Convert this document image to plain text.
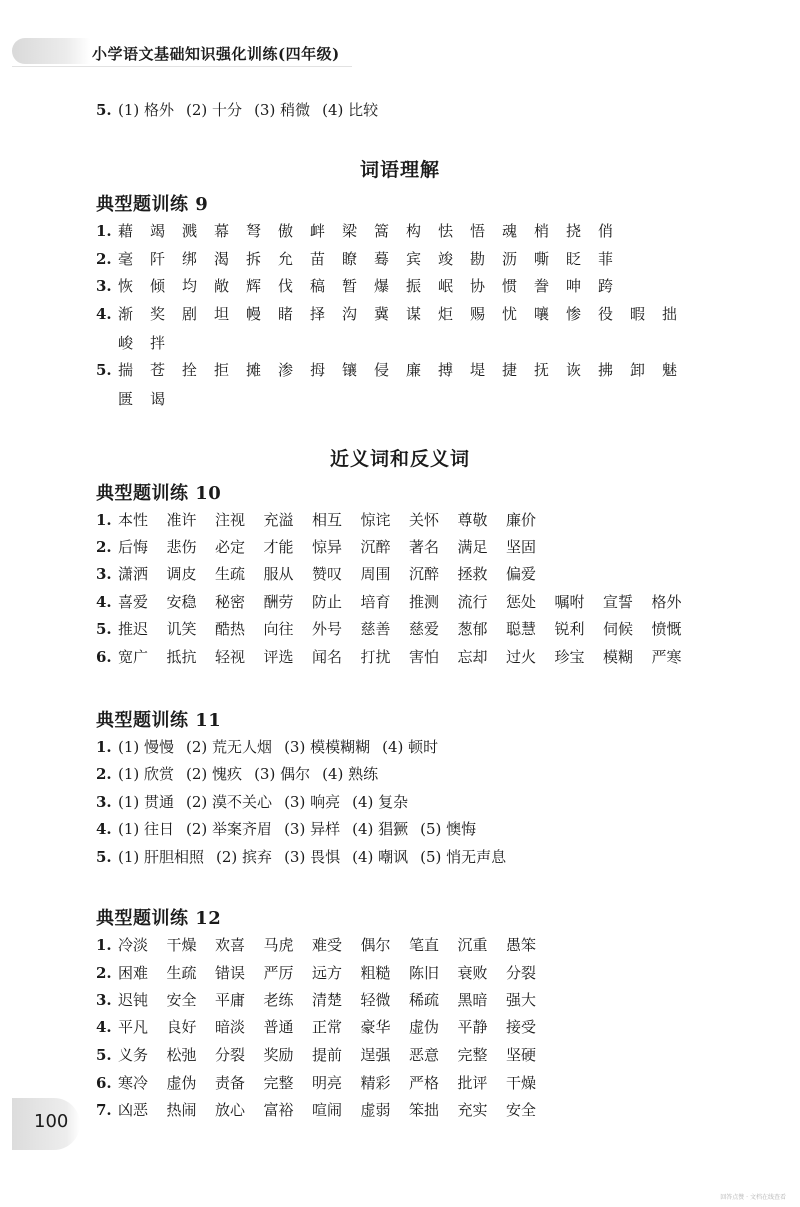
小学语文基础知识强化训练(四年级)
5. (1) 格外 (2) 十分 (3) 稍微 (4) 比较
词语理解
典型题训练 9
1. 藉 竭 溅 幕 弩 傲 衅 梁 篙 构 怯 悟 魂 梢 挠 俏
2. 毫 阡 绑 渴 拆 允 苗 瞭 蓦 宾 竣 勘 沥 嘶 眨 菲
3. 恢 倾 均 敞 辉 伐 稿 暂 爆 振 岷 协 惯 誊 呻 跨
4. 渐 奖 剧 坦 幔 睹 择 沟 冀 谋 炬 赐 忧 嚷 惨 役 暇 拙
峻 拌
5. 揣 苍 拴 拒 摊 渗 拇 镶 侵 廉 搏 堤 捷 抚 诙 拂 卸 魅
匮 谒
近义词和反义词
典型题训练 10
1. 本性 准许 注视 充溢 相互 惊诧 关怀 尊敬 廉价
2. 后悔 悲伤 必定 才能 惊异 沉醉 著名 满足 坚固
3. 潇洒 调皮 生疏 服从 赞叹 周围 沉醉 拯救 偏爱
4. 喜爱 安稳 秘密 酬劳 防止 培育 推测 流行 惩处 嘱咐 宣誓 格外
5. 推迟 讥笑 酷热 向往 外号 慈善 慈爱 葱郁 聪慧 锐利 伺候 愤慨
6. 宽广 抵抗 轻视 评选 闻名 打扰 害怕 忘却 过火 珍宝 模糊 严寒
典型题训练 11
1. (1) 慢慢 (2) 荒无人烟 (3) 模模糊糊 (4) 顿时
2. (1) 欣赏 (2) 愧疚 (3) 偶尔 (4) 熟练
3. (1) 贯通 (2) 漠不关心 (3) 响亮 (4) 复杂
4. (1) 往日 (2) 举案齐眉 (3) 异样 (4) 猖獗 (5) 懊悔
5. (1) 肝胆相照 (2) 摈弃 (3) 畏惧 (4) 嘲讽 (5) 悄无声息
典型题训练 12
1. 冷淡 干燥 欢喜 马虎 难受 偶尔 笔直 沉重 愚笨
2. 困难 生疏 错误 严厉 远方 粗糙 陈旧 衰败 分裂
3. 迟钝 安全 平庸 老练 清楚 轻微 稀疏 黑暗 强大
4. 平凡 良好 暗淡 普通 正常 豪华 虚伪 平静 接受
5. 义务 松弛 分裂 奖励 提前 逞强 恶意 完整 坚硬
6. 寒冷 虚伪 责备 完整 明亮 精彩 严格 批评 干燥
7. 凶恶 热闹 放心 富裕 喧闹 虚弱 笨拙 充实 安全
100
回答点赞 · 文档在线查看
